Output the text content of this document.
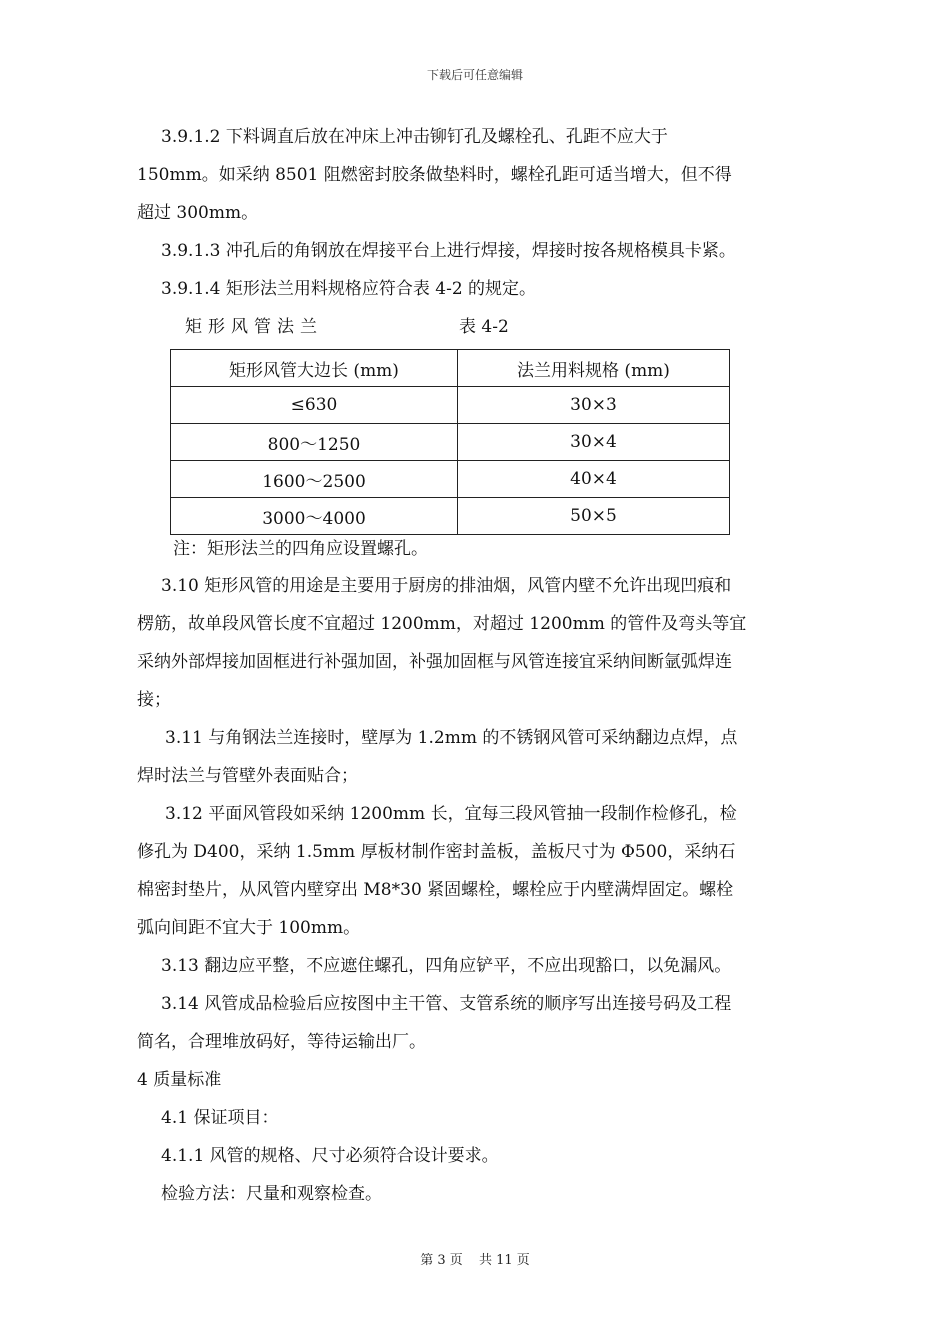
下载后可任意编辑

3.9.1.2 下料调直后放在冲床上冲击铆钉孔及螺栓孔、孔距不应大于

150mm。如采纳 8501 阻燃密封胶条做垫料时，螺栓孔距可适当增大，但不得
超过 300mm。

3.9.1.3 冲孔后的角钢放在焊接平台上进行焊接，焊接时按各规格模具卡紧。

3.9.1.4 矩形法兰用料规格应符合表 4-2 的规定。

矩形风管法兰	表 4-2
矩形风管大边长 (mm)	法兰用料规格 (mm)
≤630	30×3
800～1250	30×4
1600～2500	40×4
3000～4000	50×5

注：矩形法兰的四角应设置螺孔。

3.10 矩形风管的用途是主要用于厨房的排油烟，风管内壁不允许出现凹痕和

楞筋，故单段风管长度不宜超过 1200mm，对超过 1200mm 的管件及弯头等宜
采纳外部焊接加固框进行补强加固，补强加固框与风管连接宜采纳间断氩弧焊连
接；

3.11 与角钢法兰连接时，壁厚为 1.2mm 的不锈钢风管可采纳翻边点焊，点

焊时法兰与管壁外表面贴合；

3.12 平面风管段如采纳 1200mm 长，宜每三段风管抽一段制作检修孔，检

修孔为 D400，采纳 1.5mm 厚板材制作密封盖板，盖板尺寸为 Φ500，采纳石
棉密封垫片，从风管内壁穿出 M8*30 紧固螺栓，螺栓应于内壁满焊固定。螺栓
弧向间距不宜大于 100mm。

3.13 翻边应平整，不应遮住螺孔，四角应铲平，不应出现豁口，以免漏风。

3.14 风管成品检验后应按图中主干管、支管系统的顺序写出连接号码及工程

简名，合理堆放码好，等待运输出厂。

4 质量标准

4.1 保证项目：

4.1.1 风管的规格、尺寸必须符合设计要求。

检验方法：尺量和观察检查。

第 3 页 共 11 页
